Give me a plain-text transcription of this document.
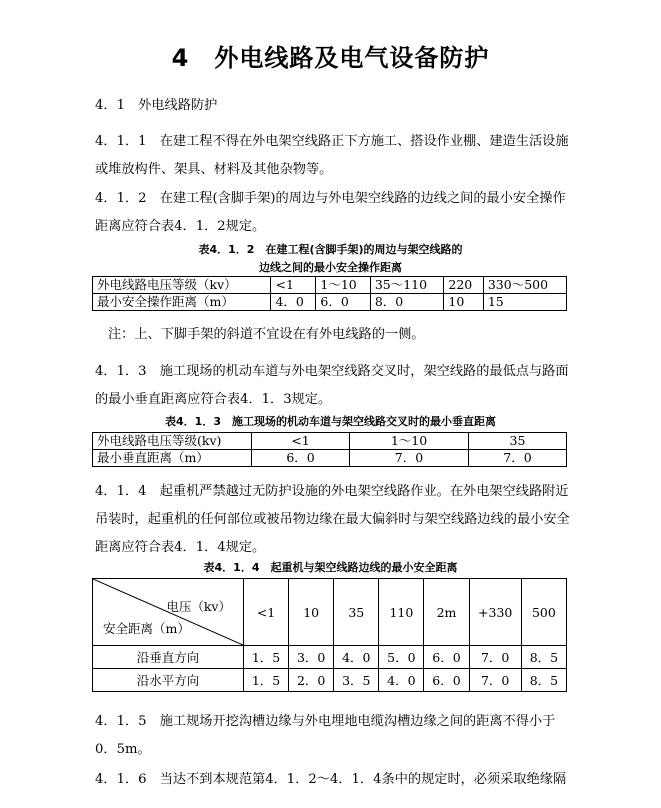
4　外电线路及电气设备防护

4．1　外电线路防护

4．1．1　在建工程不得在外电架空线路正下方施工、搭设作业棚、建造生活设施或堆放构件、架具、材料及其他杂物等。

4．1．2　在建工程(含脚手架)的周边与外电架空线路的边线之间的最小安全操作距离应符合表4．1．2规定。

表4．1．2　在建工程(含脚手架)的周边与架空线路的
边线之间的最小安全操作距离
外电线路电压等级（kv）	<1	1～10	35～110	220	330～500
最小安全操作距离（m）	4．0	6．0	8．0	10	15

注：上、下脚手架的斜道不宜设在有外电线路的一侧。

4．1．3　施工现场的机动车道与外电架空线路交叉时，架空线路的最低点与路面的最小垂直距离应符合表4．1．3规定。

表4．1．3　施工现场的机动车道与架空线路交叉时的最小垂直距离
外电线路电压等级(kv)	<1	1～10	35
最小垂直距离（m）	6．0	7．0	7．0

4．1．4　起重机严禁越过无防护设施的外电架空线路作业。在外电架空线路附近吊装时，起重机的任何部位或被吊物边缘在最大偏斜时与架空线路边线的最小安全距离应符合表4．1．4规定。

表4．1．4　起重机与架空线路边线的最小安全距离
电压（kv）
安全距离（m）	<1	10	35	110	2m	+330	500
沿垂直方向	1．5	3．0	4．0	5．0	6．0	7．0	8．5
沿水平方向	1．5	2．0	3．5	4．0	6．0	7．0	8．5

4．1．5　施工规场开挖沟槽边缘与外电埋地电缆沟槽边缘之间的距离不得小于0．5m。

4．1．6　当达不到本规范第4．1．2～4．1．4条中的规定时，必须采取绝缘隔
